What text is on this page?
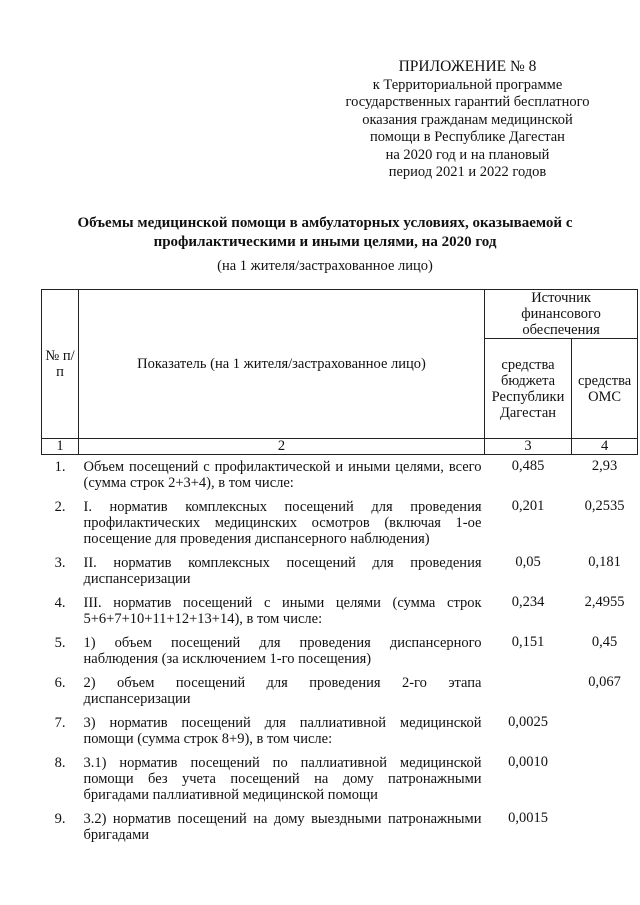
ПРИЛОЖЕНИЕ № 8
к Территориальной программе
государственных гарантий бесплатного
оказания гражданам медицинской
помощи в Республике Дагестан
на 2020 год и на плановый
период 2021 и 2022 годов
Объемы медицинской помощи в амбулаторных условиях, оказываемой с профилактическими и иными целями, на 2020 год
(на 1 жителя/застрахованное лицо)
№ п/п	Показатель (на 1 жителя/застрахованное лицо)	Источник финансового обеспечения	
		средства бюджета Республики Дагестан	средства ОМС
1	2	3	4
1.	Объем посещений с профилактической и иными целями, всего (сумма строк 2+3+4), в том числе:	0,485	2,93
2.	I. норматив комплексных посещений для проведения профилактических медицинских осмотров (включая 1-ое посещение для проведения диспансерного наблюдения)	0,201	0,2535
3.	II. норматив комплексных посещений для проведения диспансеризации	0,05	0,181
4.	III. норматив посещений с иными целями (сумма строк 5+6+7+10+11+12+13+14), в том числе:	0,234	2,4955
5.	1) объем посещений для проведения диспансерного наблюдения (за исключением 1-го посещения)	0,151	0,45
6.	2) объем посещений для проведения 2-го этапа диспансеризации		0,067
7.	3) норматив посещений для паллиативной медицинской помощи (сумма строк 8+9), в том числе:	0,0025	
8.	3.1) норматив посещений по паллиативной медицинской помощи без учета посещений на дому патронажными бригадами паллиативной медицинской помощи	0,0010	
9.	3.2) норматив посещений на дому выездными патронажными бригадами	0,0015	
